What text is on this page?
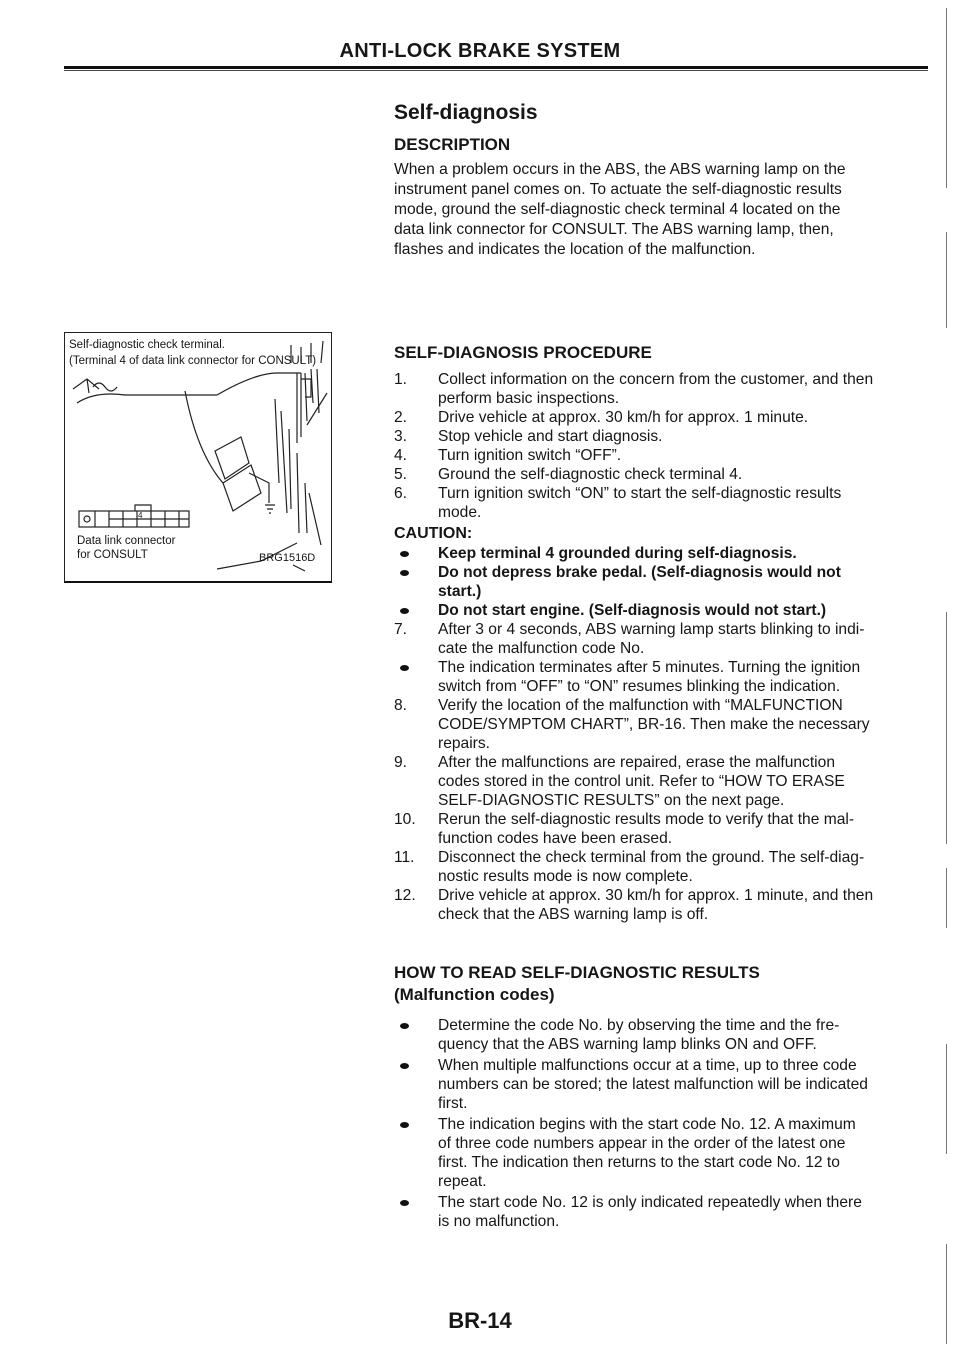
ANTI-LOCK BRAKE SYSTEM
Self-diagnosis
DESCRIPTION
When a problem occurs in the ABS, the ABS warning lamp on the
instrument panel comes on. To actuate the self-diagnostic results
mode, ground the self-diagnostic check terminal 4 located on the
data link connector for CONSULT. The ABS warning lamp, then,
flashes and indicates the location of the malfunction.
Self-diagnostic check terminal.
(Terminal 4 of data link connector for CONSULT)
4
Data link connector
for CONSULT	BRG1516D
SELF-DIAGNOSIS PROCEDURE
1.	Collect information on the concern from the customer, and then
perform basic inspections.
2.	Drive vehicle at approx. 30 km/h for approx. 1 minute.
3.	Stop vehicle and start diagnosis.
4.	Turn ignition switch “OFF”.
5.	Ground the self-diagnostic check terminal 4.
6.	Turn ignition switch “ON” to start the self-diagnostic results
mode.
CAUTION:
Keep terminal 4 grounded during self-diagnosis.
Do not depress brake pedal. (Self-diagnosis would not
start.)
Do not start engine. (Self-diagnosis would not start.)
7.	After 3 or 4 seconds, ABS warning lamp starts blinking to indi-
cate the malfunction code No.
The indication terminates after 5 minutes. Turning the ignition
switch from “OFF” to “ON” resumes blinking the indication.
8.	Verify the location of the malfunction with “MALFUNCTION
CODE/SYMPTOM CHART”, BR-16. Then make the necessary
repairs.
9.	After the malfunctions are repaired, erase the malfunction
codes stored in the control unit. Refer to “HOW TO ERASE
SELF-DIAGNOSTIC RESULTS” on the next page.
10.	Rerun the self-diagnostic results mode to verify that the mal-
function codes have been erased.
11.	Disconnect the check terminal from the ground. The self-diag-
nostic results mode is now complete.
12.	Drive vehicle at approx. 30 km/h for approx. 1 minute, and then
check that the ABS warning lamp is off.
HOW TO READ SELF-DIAGNOSTIC RESULTS
(Malfunction codes)
Determine the code No. by observing the time and the fre-
quency that the ABS warning lamp blinks ON and OFF.
When multiple malfunctions occur at a time, up to three code
numbers can be stored; the latest malfunction will be indicated
first.
The indication begins with the start code No. 12. A maximum
of three code numbers appear in the order of the latest one
first. The indication then returns to the start code No. 12 to
repeat.
The start code No. 12 is only indicated repeatedly when there
is no malfunction.
BR-14
